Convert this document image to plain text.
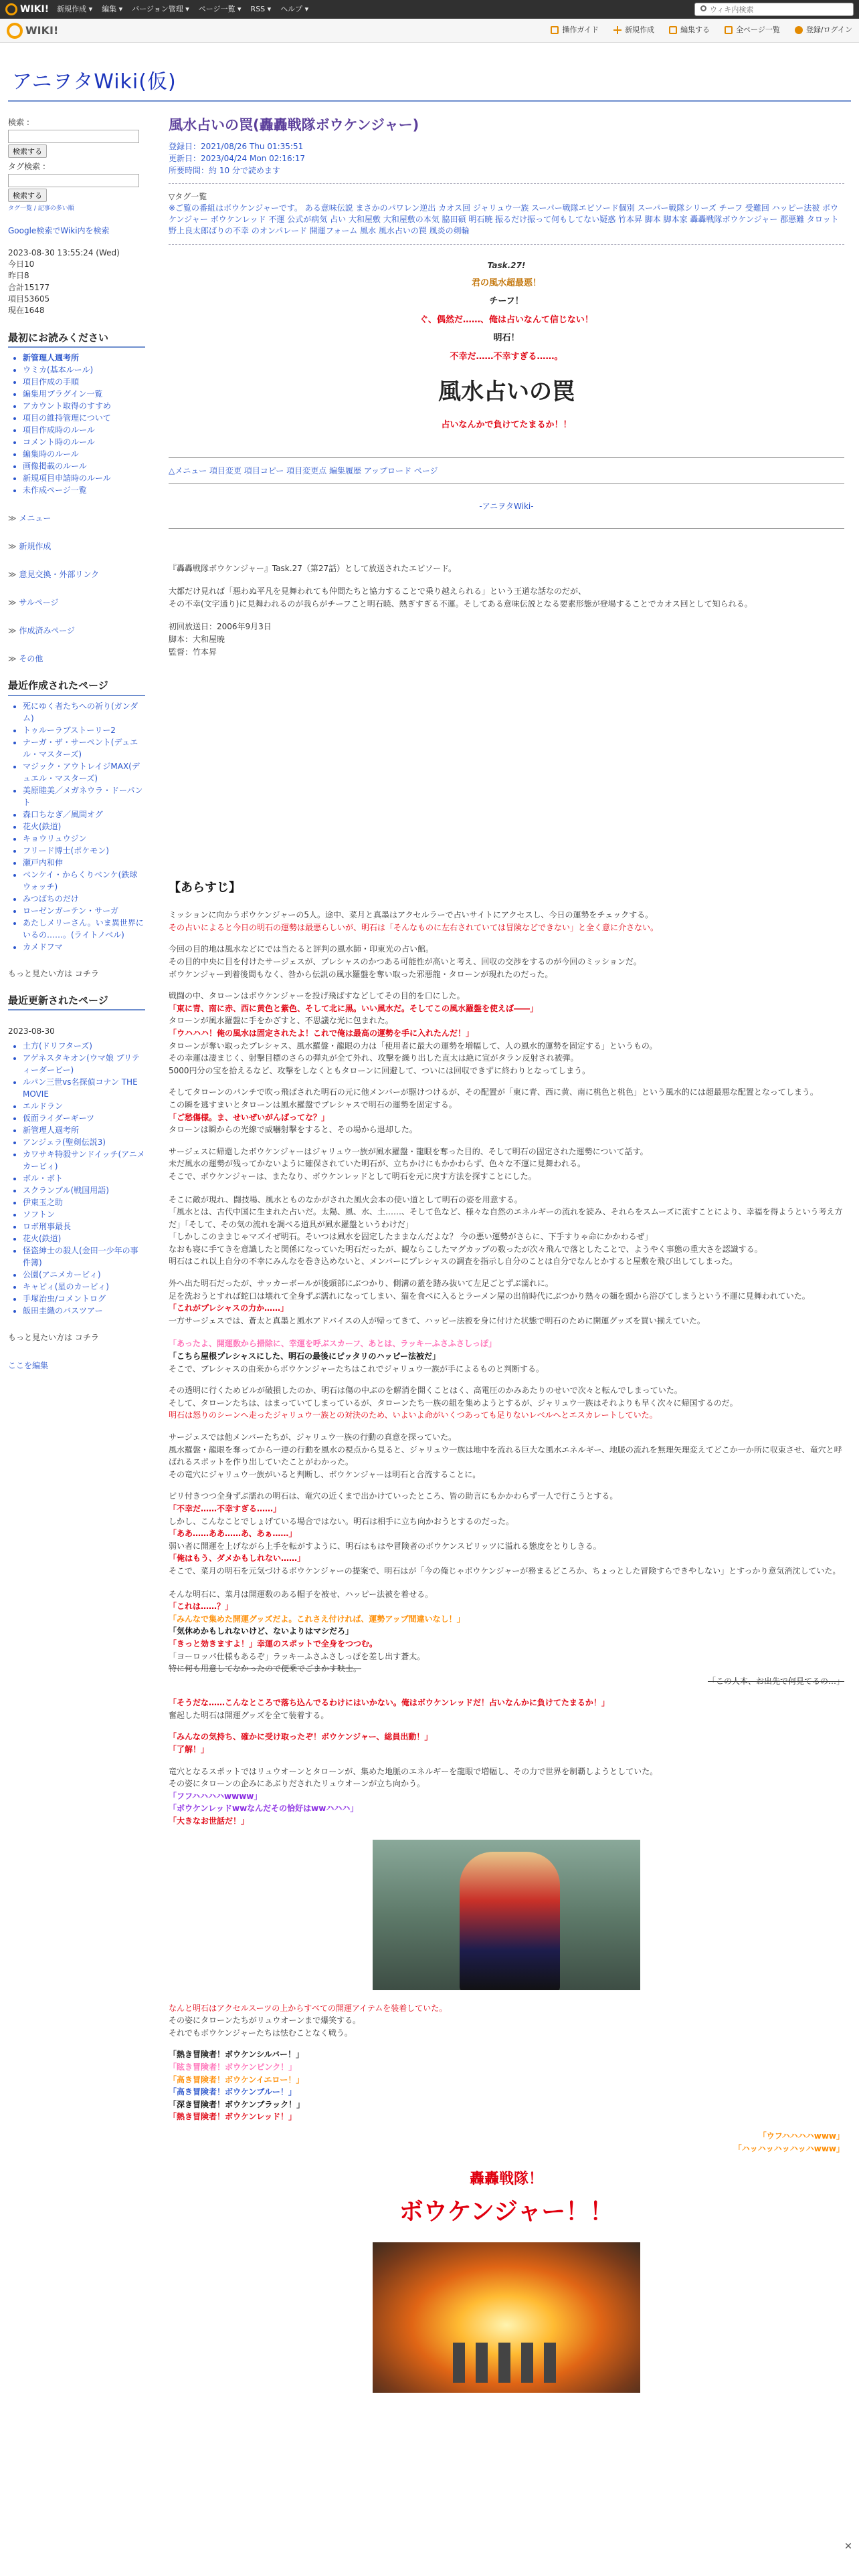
WIKI! 新規作成 ▾ 編集 ▾ バージョン管理 ▾ ページ一覧 ▾ RSS ▾ ヘルプ ▾
ウィキ内検索
WIKI!	操作ガイド	新規作成	編集する	全ページ一覧	登録/ログイン
アニヲタWiki(仮)
検索 :
検索する
タグ検索 :
検索する
タグ一覧 / 記事の多い順
Google検索でWiki内を検索
2023-08-30 13:55:24 (Wed)
今日10
昨日8
合計15177
項目53605
現在1648
最初にお読みください
• 新管理人週考所
• ウミカ(基本ルール)
• 項目作成の手順
• 編集用プラグイン一覧
• アカウント取得のすすめ
• 項目の維持管理について
• 項目作成時のルール
• コメント時のルール
• 編集時のルール
• 画像掲載のルール
• 新規項目申請時のルール
• 未作成ページ一覧
≫ メニュー
≫ 新規作成
≫ 意見交換・外部リンク
≫ サルページ
≫ 作成済みページ
≫ その他
最近作成されたページ
• 死にゆく者たちへの祈り(ガンダム)
• トゥルーラブストーリー2
• ナーガ・ザ・サーペント(デュエル・マスターズ)
• マジック・アウトレイジMAX(デュエル・マスターズ)
• 美原睦美／メガネウラ・ドーパント
• 森口ちなぎ／風間オグ
• 花火(鉄道)
• キョウリュウジン
• フリード博士(ポケモン)
• 瀬戸内和伸
• ベンケイ・からくりベンケ(鉄球ウォッチ)
• みつばちのだけ
• ローゼンガーテン・サーガ
• あたしメリーさん。いま異世界にいるの……。(ライトノベル)
• カメドフマ
もっと見たい方は コチラ
最近更新されたページ
2023-08-30
• 土方(ドリフターズ)
• アゲネスタキオン(ウマ娘 プリティーダービー)
• ルパン三世vs名探偵コナン THE MOVIE
• エルドラン
• 仮面ライダーギーツ
• 新管理人週考所
• アンジェラ(聖剣伝説3)
• カワサキ特殺サンドイッチ(アニメカービィ)
• ボル・ボト
• スクランブル(戦国用語)
• 伊東玉之助
• ソフトン
• ロボ刑事最長
• 花火(鉄道)
• 怪盗紳士の殺人(金田一少年の事件簿)
• 公園(アニメカービィ)
• キャピィ(星のカービィ)
• 手塚治虫/コメントログ
• 飯田圭織のバスツアー
もっと見たい方は コチラ
ここを編集
風水占いの罠(轟轟戦隊ボウケンジャー)
登録日：2021/08/26 Thu 01:35:51
更新日：2023/04/24 Mon 02:16:17
所要時間：約 10 分で読めます
▽タグ一覧
※ご覧の番組はボウケンジャーです。 ある意味伝説 まさかのパワレン逆出 カオス回 ジャリュウ一族 スーパー戦隊エピソード個別 スーパー戦隊シリーズ チーフ 受難回 ハッピー法被 ボウケンジャー ボウケンレッド 不運 公式が病気 占い 大和屋敷 大和屋敷の本気 脇田碩 明石暁 振るだけ振って何もしてない疑惑 竹本昇 脚本 脚本家 轟轟戦隊ボウケンジャー 郡悪難 タロット 野上良太郎ばりの不幸 のオンパレード 開運フォーム 風水 風水占いの罠 風炎の剣輪
Task.27!
君の風水超最悪！
チーフ！
ぐ、偶然だ……、俺は占いなんて信じない！
明石！
不幸だ……不幸すぎる……。
風水占いの罠
占いなんかで負けてたまるか！！
△メニュー 項目変更 項目コピー 項目変更点 編集履歴 アップロード ページ
-アニヲタWiki-
『轟轟戦隊ボウケンジャー』Task.27（第27話）として放送されたエピソード。
大都だけ見れば「悪わぬ平凡を見舞われても仲間たちと協力することで乗り越えられる」という王道な話なのだが、
その不幸(文字通り)に見舞われるのが我らがチーフこと明石暁、熱ぎすぎる不運。そしてある意味伝説となる要素形態が登場することでカオス回として知られる。
初回放送日：2006年9月3日
脚本：大和屋暁
監督：竹本昇
【あらすじ】
ミッションに向かうボウケンジャーの5人。途中、菜月と真墨はアクセルラーで占いサイトにアクセスし、今日の運勢をチェックする。
その占いによると今日の明石の運勢は最悪らしいが、明石は「そんなものに左右されていては冒険などできない」と全く意に介さない。
今回の目的地は風水などにでは当たると評判の風水師・印東光の占い館。
その目的中央に目を付けたサージェスが、プレシャスのかつある可能性が高いと考え、回収の交渉をするのが今回のミッションだ。
ボウケンジャー到着後間もなく、咎から伝説の風水羅盤を奪い取った邪悪龍・タローンが現れたのだった。
戦闘の中、タローンはボウケンジャーを投げ飛ばすなどしてその目的を口にした。
「東に青、南に赤、西に黄色と紫色、そして北に黒。いい風水だ。そしてこの風水羅盤を使えば――」
タローンが風水羅盤に手をかざすと、不思議な光に包まれた。
「ウハハハ！俺の風水は固定されたよ！これで俺は最高の運勢を手に入れたんだ！」
タローンが奪い取ったプレシャス、風水羅盤・龍眼の力は「使用者に最大の運勢を増幅して、人の風水的運勢を固定する」というもの。
その幸運は凄まじく、射撃目標のさらの弾丸が全て外れ、攻撃を繰り出した直太は絶に宣がタラン反射され被弾。
5000円分の宝を拾えるなど、攻撃をしなくともタローンに回避して、ついには回収できずに終わりとなってしまう。
そしてタローンのパンチで吹っ飛ばされた明石の元に他メンバーが駆けつけるが、その配置が「東に青、西に黄、南に桃色と桃色」という風水的には超最悪な配置となってしまう。
この瞬を逃すまいとタローンは風水羅盤でプレシャスで明石の運勢を固定する。
「ご愁傷様。ま、せいぜいがんばってな？」
タローンは瞬からの光線で威嚇射撃をすると、その場から退却した。
サージェスに帰還したボウケンジャーはジャリュウ一族が風水羅盤・龍眼を奪った目的、そして明石の固定された運勢について話す。
未だ風水の運勢が残ってかないように確保されていた明石が、立ちかけにもかかわらず、色々な不運に見舞われる。
そこで、ボウケンジャーは、またなり、ボウケンレッドとして明石を元に戻す方法を探すことにした。
そこに敵が現れ、闘技場、風水とものなかがされた風火会本の使い道として明石の姿を用意する。
「風水とは、古代中国に生まれた占いだ。太陽、風、水、土……、そして色など、様々な自然のエネルギーの流れを読み、それらをスムーズに流すことにより、幸福を得ようという考え方だ」「そして、その気の流れを調べる道具が風水羅盤というわけだ」
「しかしこのままじゃマズイぜ明石。そいつは風水を固定したままなんだよな？ 今の悪い運勢がさらに、下手すりゃ命にかかわるぜ」
なおも寝に手てきを意識したと関係になっていた明石だったが、観ならこしたマグカップの数ったが次々飛んで落としたことで、ようやく事態の重大さを認識する。
明石はこれ以上自分の不幸にみんなを巻き込めないと、メンバーにプレシャスの調査を指示し自分のことは自分でなんとかすると屋敷を飛び出してしまった。
外へ出た明石だったが、サッカーボールが後頭部にぶつかり、側溝の蓋を踏み抜いて左足ごとずぶ濡れに。
足を洗おうとすれば蛇口は壊れて全身ずぶ濡れになってしまい、猫を食べに入るとラーメン屋の出前時代にぶつかり熱々の麺を頭から浴びてしまうという不運に見舞われていた。
「これがプレシャスの力か……」
一方サージェスでは、蒼太と真墨と風水アドバイスの人が帰ってきて、ハッピー法被を身に付けた状態で明石のために開運グッズを買い揃えていた。
「あったよ、開運数から掃除に、幸運を呼ぶスカーフ、あとは、ラッキーふさふさしっぽ」
「こちら屋根プレシャスにした、明石の最後にピッタリのハッピー法被だ」
そこで、プレシャスの由来からボウケンジャーたちはこれでジャリュウ一族が手によるものと判断する。
その透明に行くためビルが破損したのか、明石は傷の中ぶのを解消を開くことはく、高電圧のかみあたりのせいで次々と転んでしまっていた。
そして、タローンたちは、はまっていてしまっているが、タローンたち一族の組を集めようとするが、ジャリュウ一族はそれよりも早く次々に帰国するのだ。
明石は怒りのシーンへ走ったジャリュウ一族との対決のため、いよいよ命がいくつあっても足りないレベルへとエスカレートしていた。
サージェスでは他メンバーたちが、ジャリュウ一族の行動の真意を探っていた。
風水羅盤・龍眼を奪ってから一連の行動を風水の視点から見ると、ジャリュウ一族は地中を流れる巨大な風水エネルギー、地脈の流れを無理矢理変えてどこか一か所に収束させ、竜穴と呼ばれるスポットを作り出していたことがわかった。
その竜穴にジャリュウ一族がいると判断し、ボウケンジャーは明石と合流することに。
ピリ付きつつ全身ずぶ濡れの明石は、竜穴の近くまで出かけていったところ、皆の助言にもかかわらず一人で行こうとする。
「不幸だ……不幸すぎる……」
しかし、こんなことでしょげている場合ではない。明石は相手に立ち向かおうとするのだった。
「ああ……ああ……あ、あぁ……」
弱い者に開運を上げながら上手を転がすように、明石はもはや冒険者のボウケンスピリッツに溢れる態度をとりしきる。
「俺はもう、ダメかもしれない……」
そこで、菜月の明石を元気づけるボウケンジャーの提案で、明石はが「今の俺じゃボウケンジャーが務まるどころか、ちょっとした冒険すらできやしない」とすっかり意気消沈していた。
そんな明石に、菜月は開運数のある帽子を被せ、ハッピー法被を着せる。
「これは……？」
「みんなで集めた開運グッズだよ。これさえ付ければ、運勢アップ間違いなし！」
「気休めかもしれないけど、ないよりはマシだろ」
「きっと効きますよ！」幸運のスポットで全身をつつむ。
「ヨーロッパ仕様もあるぞ」ラッキーふさふさしっぽを差し出す蒼太。
特に何も用意してなかったので便乗でごまかす映士。
「この人本、お出先で何見てるの…」
「そうだな……こんなところで落ち込んでるわけにはいかない。俺はボウケンレッドだ！占いなんかに負けてたまるか！」
奮起した明石は開運グッズを全て装着する。
「みんなの気持ち、確かに受け取ったぞ！ボウケンジャー、総員出動！」
「了解！」
竜穴となるスポットではリュウオーンとタローンが、集めた地脈のエネルギーを龍眼で増幅し、その力で世界を制覇しようとしていた。
その姿にタローンの企みにあぶりだされたリュウオーンが立ち向かう。
「フフハハハハwwww」
「ボウケンレッドwwなんだその恰好はwwハハハ」
「大きなお世話だ！」
なんと明石はアクセルスーツの上からすべての開運アイテムを装着していた。
その姿にタローンたちがリュウオーンまで爆笑する。
それでもボウケンジャーたちは怯むことなく戦う。
「熱き冒険者！ボウケンシルバー！」
「眩き冒険者！ボウケンピンク！」
「高き冒険者！ボウケンイエロー！」
「高き冒険者！ボウケンブルー！」
「深き冒険者！ボウケンブラック！」
「熱き冒険者！ボウケンレッド！」
「ウフハハハハwww」
「ハッハッハッハッハwww」
轟轟戦隊！
ボウケンジャー！！
✕
